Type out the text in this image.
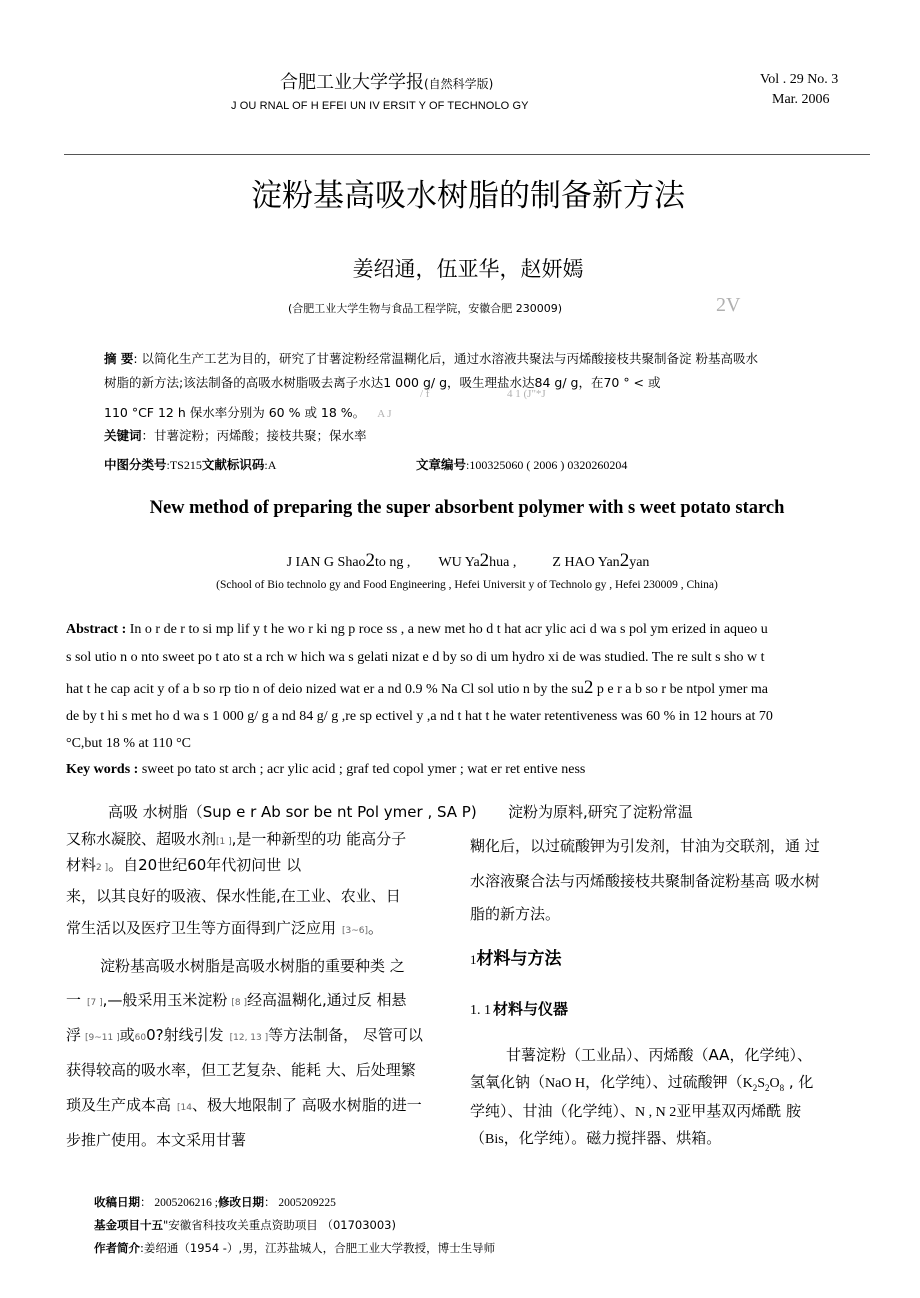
合肥工业大学学报(自然科学版)
J OU RNAL OF H EFEI UN IV ERSIT Y OF TECHNOLO GY
Vol . 29 No. 3
Mar. 2006
淀粉基高吸水树脂的制备新方法
姜绍通，伍亚华，赵妍嫣
(合肥工业大学生物与食品工程学院，安徽合肥 230009)	2V
摘 要: 以简化生产工艺为目的，研究了甘薯淀粉经常温糊化后，通过水溶液共聚法与丙烯酸接枝共聚制备淀 粉基高吸水
树脂的新方法;该法制备的高吸水树脂吸去离子水达1 000 g/ g，吸生理盐水达84 g/ g，在70 ° < 或
/ f	4 1 (J"*J
110 °CF 12 h 保水率分别为 60 % 或 18 %。 A J
关键词：甘薯淀粉；丙烯酸；接枝共聚；保水率
中图分类号:TS215文献标识码:A	文章编号:100325060 ( 2006 ) 0320260204
New method of preparing the super absorbent polymer with s weet potato starch
J IAN G Shao2to ng , WU Ya2hua ,	Z HAO Yan2yan
(School of Bio technolo gy and Food Engineering , Hefei Universit y of Technolo gy , Hefei 230009 , China)
Abstract : In o r de r to si mp lif y t he wo r ki ng p roce ss , a new met ho d t hat acr ylic aci d wa s pol ym erized in aqueo u
s sol utio n o nto sweet po t ato st a rch w hich wa s gelati nizat e d by so di um hydro xi de was studied. The re sult s sho w t
hat t he cap acit y of a b so rp tio n of deio nized wat er a nd 0.9 % Na Cl sol utio n by the su2 p e r a b so r be ntpol ymer ma
de by t hi s met ho d wa s 1 000 g/ g a nd 84 g/ g ,re sp ectivel y ,a nd t hat t he water retentiveness was 60 % in 12 hours at 70
°C,but 18 % at 110 °C
Key words : sweet po tato st arch ; acr ylic acid ; graf ted copol ymer ; wat er ret entive ness
高吸 水树脂（Sup e r Ab sor be nt Pol ymer , SA P)
又称水凝胶、超吸水剂[1 ],是一种新型的功 能高分子
材料2 ]。自20世纪60年代初问世 以
来，以其良好的吸液、保水性能,在工业、农业、日
常生活以及医疗卫生等方面得到广泛应用 [3~6]。
淀粉基高吸水树脂是高吸水树脂的重要种类 之
一 [7 ],—般采用玉米淀粉 [8 ]经高温糊化,通过反 相悬
浮 [9~11 ]或600?射线引发 [12, 13 ]等方法制备， 尽管可以
获得较高的吸水率，但工艺复杂、能耗 大、后处理繁
琐及生产成本高 [14、极大地限制了 高吸水树脂的进一
步推广使用。本文采用甘薯
淀粉为原料,研究了淀粉常温
糊化后，以过硫酸钾为引发剂，甘油为交联剂，通 过
水溶液聚合法与丙烯酸接枝共聚制备淀粉基高 吸水树
脂的新方法。
1材料与方法
1. 1 材料与仪器
甘薯淀粉（工业品）、丙烯酸（AA，化学纯）、
氢氧化钠（NaO H，化学纯）、过硫酸钾（$K_2S_2O_8$ , 化
学纯）、甘油（化学纯）、N , N 2亚甲基双丙烯酰 胺
（Bis，化学纯）。磁力搅拌器、烘箱。
收稿日期： 2005206216 ;修改日期： 2005209225
基金项目十五"安徽省科技攻关重点资助项目 （01703003)
作者简介:姜绍通（1954 -）,男，江苏盐城人，合肥工业大学教授，博士生导师
